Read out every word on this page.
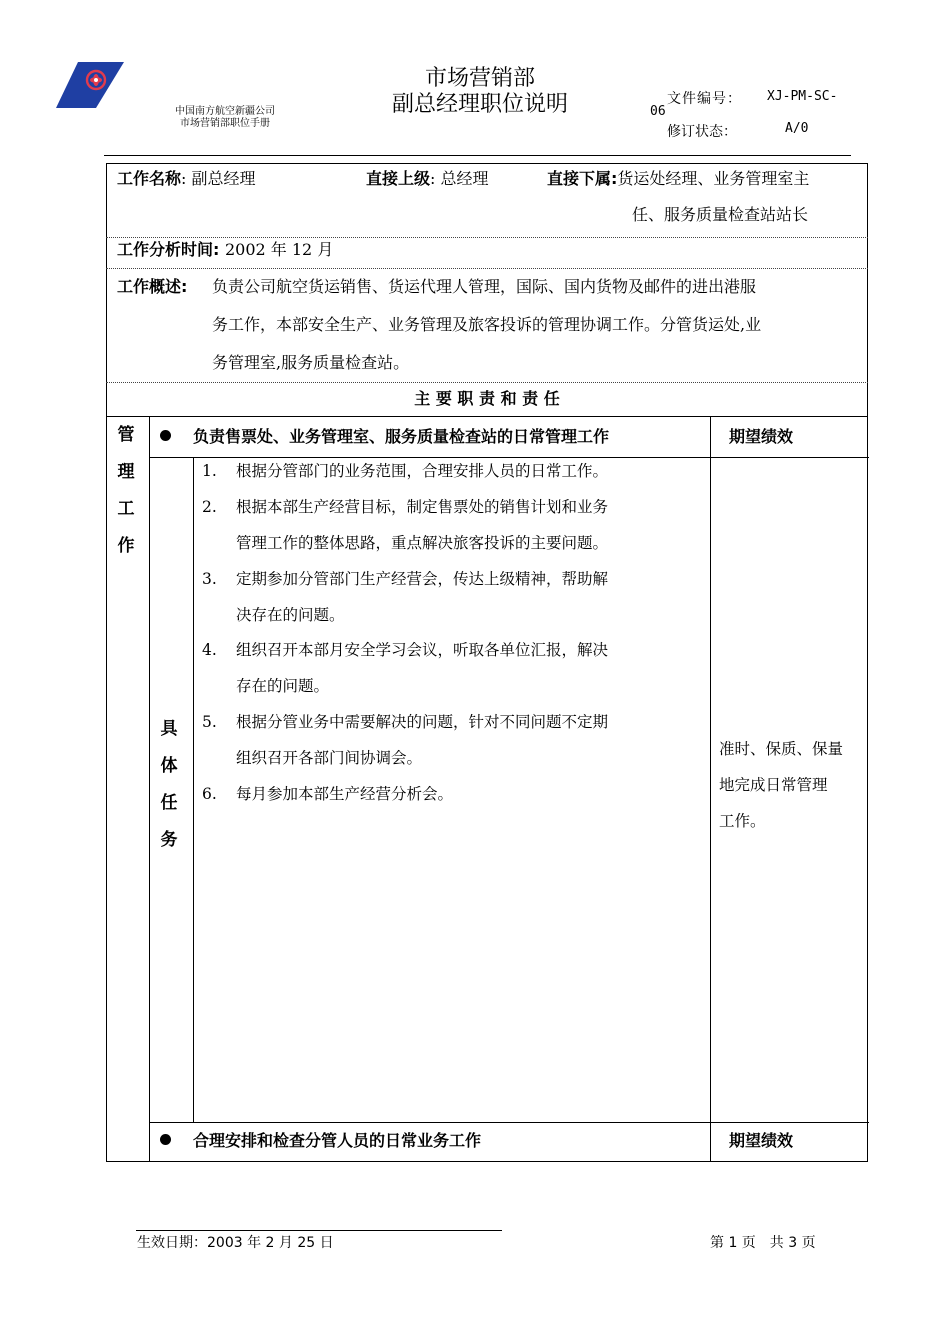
中国南方航空新疆公司
市场营销部职位手册
市场营销部
副总经理职位说明	文件编号： XJ-PM-SC-
06
修订状态：	A/0
工作名称: 副总经理	直接上级: 总经理	直接下属:货运处经理、业务管理室主
任、服务质量检查站站长
工作分析时间: 2002 年 12 月
工作概述: 负责公司航空货运销售、货运代理人管理，国际、国内货物及邮件的进出港服
务工作，本部安全生产、业务管理及旅客投诉的管理协调工作。分管货运处,业
务管理室,服务质量检查站。
主 要 职 责 和 责 任
管
理
工
作
负责售票处、业务管理室、服务质量检查站的日常管理工作	期望绩效
具
体
任
务
1. 根据分管部门的业务范围，合理安排人员的日常工作。
2. 根据本部生产经营目标，制定售票处的销售计划和业务
管理工作的整体思路，重点解决旅客投诉的主要问题。
3. 定期参加分管部门生产经营会，传达上级精神，帮助解
决存在的问题。
4. 组织召开本部月安全学习会议，听取各单位汇报，解决
存在的问题。
5. 根据分管业务中需要解决的问题，针对不同问题不定期
组织召开各部门间协调会。
6. 每月参加本部生产经营分析会。
准时、保质、保量
地完成日常管理
工作。
合理安排和检查分管人员的日常业务工作	期望绩效
生效日期：2003 年 2 月 25 日	第 1 页　共 3 页
